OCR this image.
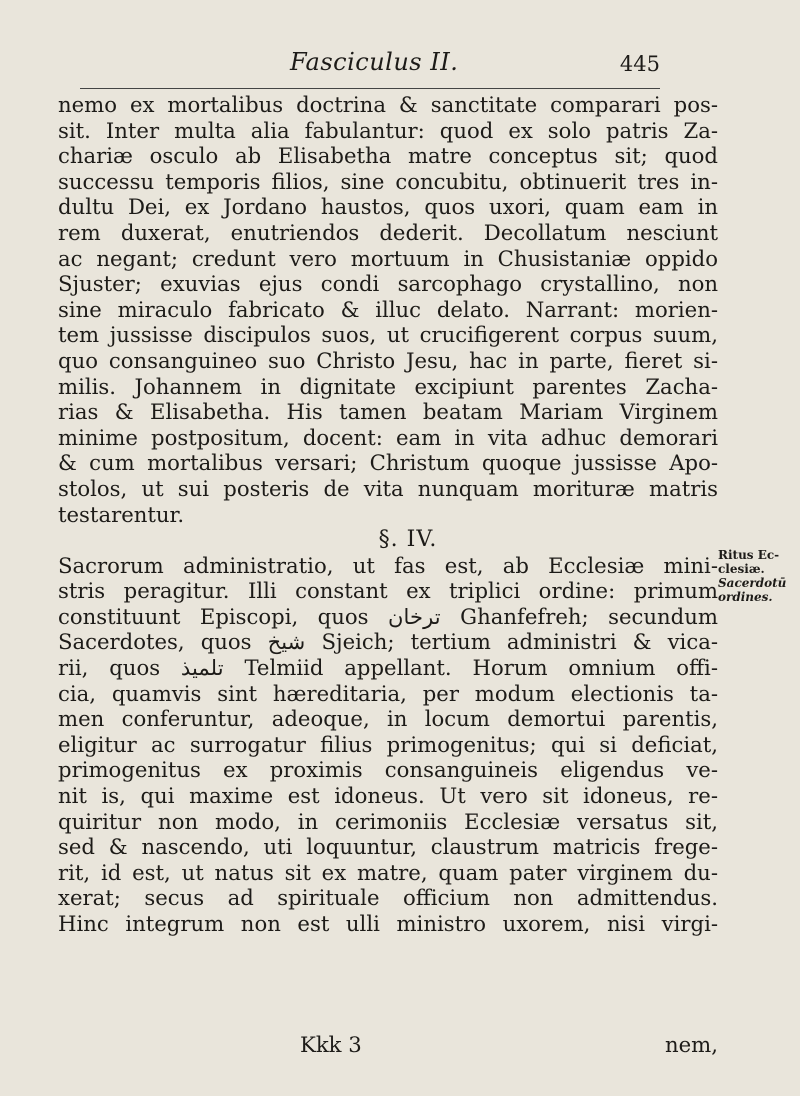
Fasciculus II.	445
nemo ex mortalibus doctrina & sanctitate comparari pos-
sit. Inter multa alia fabulantur: quod ex solo patris Za-
chariæ osculo ab Elisabetha matre conceptus sit; quod
successu temporis filios, sine concubitu, obtinuerit tres in-
dultu Dei, ex Jordano haustos, quos uxori, quam eam in
rem duxerat, enutriendos dederit. Decollatum nesciunt
ac negant; credunt vero mortuum in Chusistaniæ oppido
Sjuster; exuvias ejus condi sarcophago crystallino, non
sine miraculo fabricato & illuc delato. Narrant: morien-
tem jussisse discipulos suos, ut crucifigerent corpus suum,
quo consanguineo suo Christo Jesu, hac in parte, fieret si-
milis. Johannem in dignitate excipiunt parentes Zacha-
rias & Elisabetha. His tamen beatam Mariam Virginem
minime postpositum, docent: eam in vita adhuc demorari
& cum mortalibus versari; Christum quoque jussisse Apo-
stolos, ut sui posteris de vita nunquam morituræ matris
testarentur.
§. IV.
Sacrorum administratio, ut fas est, ab Ecclesiæ mini-
stris peragitur. Illi constant ex triplici ordine: primum
constituunt Episcopi, quos ترخان Ghanfefreh; secundum
Sacerdotes, quos شيخ Sjeich; tertium administri & vica-
rii, quos تلميذ Telmiid appellant. Horum omnium offi-
cia, quamvis sint hæreditaria, per modum electionis ta-
men conferuntur, adeoque, in locum demortui parentis,
eligitur ac surrogatur filius primogenitus; qui si deficiat,
primogenitus ex proximis consanguineis eligendus ve-
nit is, qui maxime est idoneus. Ut vero sit idoneus, re-
quiritur non modo, in cerimoniis Ecclesiæ versatus sit,
sed & nascendo, uti loquuntur, claustrum matricis frege-
rit, id est, ut natus sit ex matre, quam pater virginem du-
xerat; secus ad spirituale officium non admittendus.
Hinc integrum non est ulli ministro uxorem, nisi virgi-
Ritus Ec-
clesiæ.
Sacerdotū
ordines.
Kkk 3	nem,
